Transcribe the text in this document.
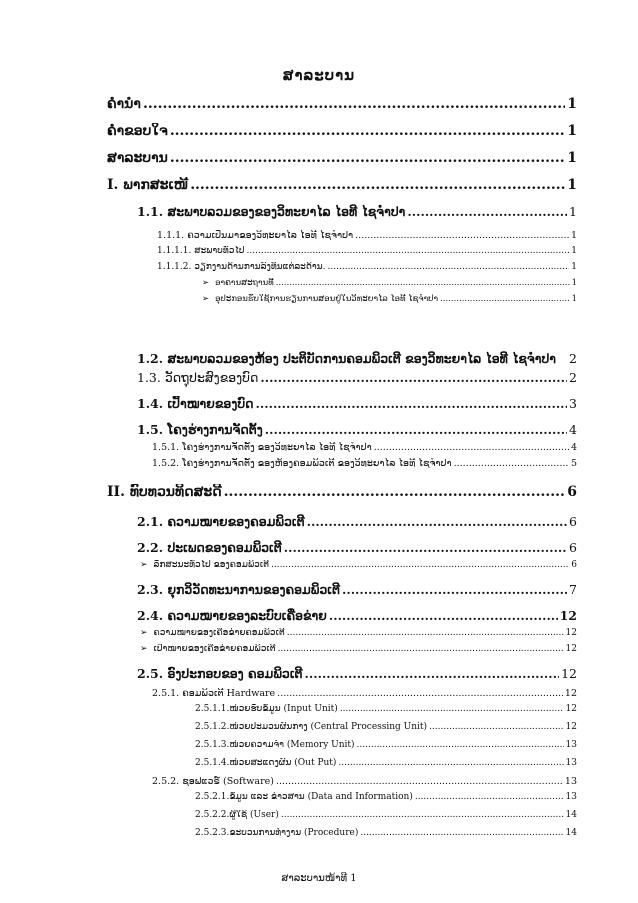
ສາລະບານ
ຄຳນຳ .....	1
ຄຳຂອບໃຈ .....	1
ສາລະບານ .....	1
I. ພາກສະເໜີ .....	1
1.1. ສະພາບລວມຂອງຂອງວິທະຍາໄລ ໄອທີ ໄຊຈຳປາ .....	1
1.1.1. ຄວາມເປັນມາຂອງວິທະຍາໄລ ໄອທີ ໄຊຈຳປາ .....	1
1.1.1.1. ສະພາບທົ່ວໄປ .....	1
1.1.1.2. ວຽກງານດ້ານການລົງທຶນແຕ່ລະດ້ານ. .....	1
➢ ອາຄານສະຖານທີ່ .....	1
➢ ອຸປະກອນຮັບໃຊ້ການຮຽນການສອນຢູ່ໃນວິທະຍາໄລ ໄອທີ ໄຊຈຳປາ .....	1
1.2. ສະພາບລວມຂອງຫ້ອງ ປະຕິບັດການຄອມພິວເຕີ ຂອງວິທະຍາໄລ ໄອທີ ໄຊຈຳປາ	2
1.3. ວັດຖຸປະສົງຂອງບົດ .....	2
1.4. ເປົ້າໝາຍຂອງບົດ .....	3
1.5. ໂຄງຮ່າງການຈັດຕັ້ງ .....	4
1.5.1. ໂຄງຮ່າງການຈັດຕັ້ງ ຂອງວິທະຍາໄລ ໄອທີ ໄຊຈຳປາ .....	4
1.5.2. ໂຄງຮ່າງການຈັດຕັ້ງ ຂອງຫ້ອງຄອມພິວເຕີ ຂອງວິທະຍາໄລ ໄອທີ ໄຊຈຳປາ .....	5
II. ທົບທວນທິດສະດີ .....	6
2.1. ຄວາມໝາຍຂອງຄອມພິວເຕີ .....	6
2.2. ປະເພດຂອງຄອມພິວເຕີ .....	6
➢ ລັກສະນະທົ່ວໄປ ຂອງຄອມພິວເຕີ .....	6
2.3. ຍຸກວິວັດທະນາການຂອງຄອມພິວເຕີ .....	7
2.4. ຄວາມໝາຍຂອງລະບົບເຄືອຂ່າຍ .....	12
➢ ຄວາມໝາຍຂອງເຄືອຂ່າຍຄອມພິວເຕີ .....	12
➢ ເປົ້າໝາຍຂອງເຄືອຂ່າຍຄອມພິວເຕີ .....	12
2.5. ອົງປະກອບຂອງ ຄອມພິວເຕີ .....	12
2.5.1. ຄອມພິວເຕີ Hardware .....	12
2.5.1.1.ໜ່ວຍຮັບຂໍ້ມູນ (Input Unit) .....	12
2.5.1.2.ໜ່ວຍປະມວນຜົນກາງ (Central Processing Unit) .....	12
2.5.1.3.ໜ່ວຍຄວາມຈຳ (Memory Unit) .....	13
2.5.1.4.ໜ່ວຍສະແດງຜົນ (Out Put) .....	13
2.5.2. ຊອຟແວຣ໌ (Software) .....	13
2.5.2.1.ຂໍ້ມູນ ແລະ ຂ່າວສານ (Data and Information) .....	13
2.5.2.2.ຜູ້ໃຊ້ (User) .....	14
2.5.2.3.ຂະບວນການທຳງານ (Procedure) .....	14
ສາລະບານໜ້າທີ 1
